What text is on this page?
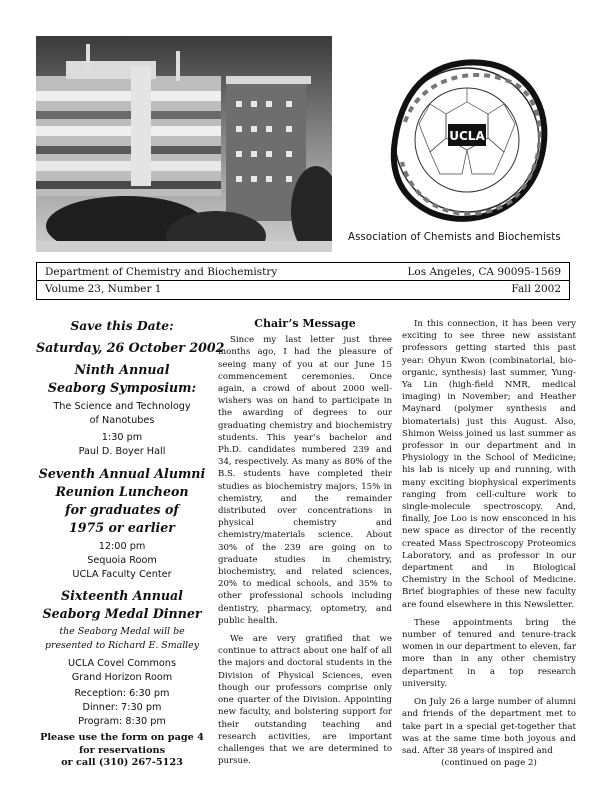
UCLA
Association of Chemists and Biochemists
Department of Chemistry and Biochemistry	Los Angeles, CA 90095-1569
Volume 23, Number 1	Fall 2002
Save this Date:
Saturday, 26 October 2002
Ninth Annual
Seaborg Symposium:
The Science and Technology
of Nanotubes
1:30 pm
Paul D. Boyer Hall
Seventh Annual Alumni
Reunion Luncheon
for graduates of
1975 or earlier
12:00 pm
Sequoia Room
UCLA Faculty Center
Sixteenth Annual
Seaborg Medal Dinner
the Seaborg Medal will be
presented to Richard E. Smalley
UCLA Covel Commons
Grand Horizon Room
Reception: 6:30 pm
Dinner: 7:30 pm
Program: 8:30 pm
Please use the form on page 4
for reservations
or call (310) 267-5123

Chair’s Message

Since my last letter just three months ago, I had the pleasure of seeing many of you at our June 15 commencement ceremonies. Once again, a crowd of about 2000 well-wishers was on hand to participate in the awarding of degrees to our graduating chemistry and biochemistry students. This year’s bachelor and Ph.D. candidates numbered 239 and 34, respectively. As many as 80% of the B.S. students have completed their studies as biochemistry majors, 15% in chemistry, and the remainder distributed over concentrations in physical chemistry and chemistry/materials science. About 30% of the 239 are going on to graduate studies in chemistry, biochemistry, and related sciences, 20% to medical schools, and 35% to other professional schools including dentistry, pharmacy, optometry, and public health.

We are very gratified that we continue to attract about one half of all the majors and doctoral students in the Division of Physical Sciences, even though our professors comprise only one quarter of the Division. Appointing new faculty, and bolstering support for their outstanding teaching and research activities, are important challenges that we are determined to pursue.

In this connection, it has been very exciting to see three new assistant professors getting started this past year: Ohyun Kwon (combinatorial, bio-organic, synthesis) last summer, Yung-Ya Lin (high-field NMR, medical imaging) in November; and Heather Maynard (polymer synthesis and biomaterials) just this August. Also, Shimon Weiss joined us last summer as professor in our department and in Physiology in the School of Medicine; his lab is nicely up and running, with many exciting biophysical experiments ranging from cell-culture work to single-molecule spectroscopy. And, finally, Joe Loo is now ensconced in his new space as director of the recently created Mass Spectroscopy Proteomics Laboratory, and as professor in our department and in Biological Chemistry in the School of Medicine. Brief biographies of these new faculty are found elsewhere in this Newsletter.

These appointments bring the number of tenured and tenure-track women in our department to eleven, far more than in any other chemistry department in a top research university.

On July 26 a large number of alumni and friends of the department met to take part in a special get-together that was at the same time both joyous and sad. After 38 years of inspired and

(continued on page 2)
